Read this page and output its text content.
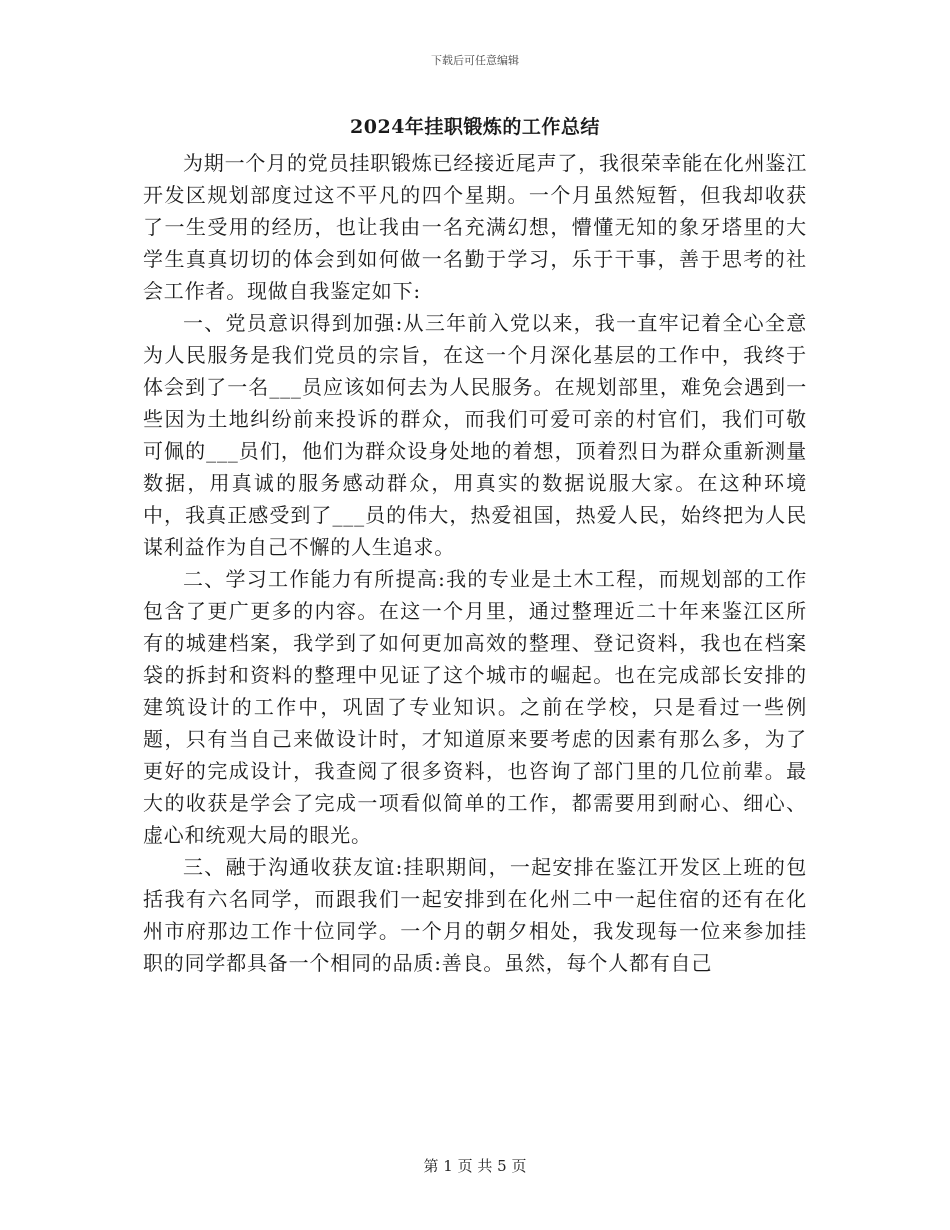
下载后可任意编辑
2024年挂职锻炼的工作总结

为期一个月的党员挂职锻炼已经接近尾声了，我很荣幸能在化州鉴江开发区规划部度过这不平凡的四个星期。一个月虽然短暂，但我却收获了一生受用的经历，也让我由一名充满幻想，懵懂无知的象牙塔里的大学生真真切切的体会到如何做一名勤于学习，乐于干事，善于思考的社会工作者。现做自我鉴定如下:

一、党员意识得到加强:从三年前入党以来，我一直牢记着全心全意为人民服务是我们党员的宗旨，在这一个月深化基层的工作中，我终于体会到了一名___员应该如何去为人民服务。在规划部里，难免会遇到一些因为土地纠纷前来投诉的群众，而我们可爱可亲的村官们，我们可敬可佩的___员们，他们为群众设身处地的着想，顶着烈日为群众重新测量数据，用真诚的服务感动群众，用真实的数据说服大家。在这种环境中，我真正感受到了___员的伟大，热爱祖国，热爱人民，始终把为人民谋利益作为自己不懈的人生追求。

二、学习工作能力有所提高:我的专业是土木工程，而规划部的工作包含了更广更多的内容。在这一个月里，通过整理近二十年来鉴江区所有的城建档案，我学到了如何更加高效的整理、登记资料，我也在档案袋的拆封和资料的整理中见证了这个城市的崛起。也在完成部长安排的建筑设计的工作中，巩固了专业知识。之前在学校，只是看过一些例题，只有当自己来做设计时，才知道原来要考虑的因素有那么多，为了更好的完成设计，我查阅了很多资料，也咨询了部门里的几位前辈。最大的收获是学会了完成一项看似简单的工作，都需要用到耐心、细心、虚心和统观大局的眼光。

三、融于沟通收获友谊:挂职期间，一起安排在鉴江开发区上班的包括我有六名同学，而跟我们一起安排到在化州二中一起住宿的还有在化州市府那边工作十位同学。一个月的朝夕相处，我发现每一位来参加挂职的同学都具备一个相同的品质:善良。虽然，每个人都有自己

第 1 页 共 5 页
